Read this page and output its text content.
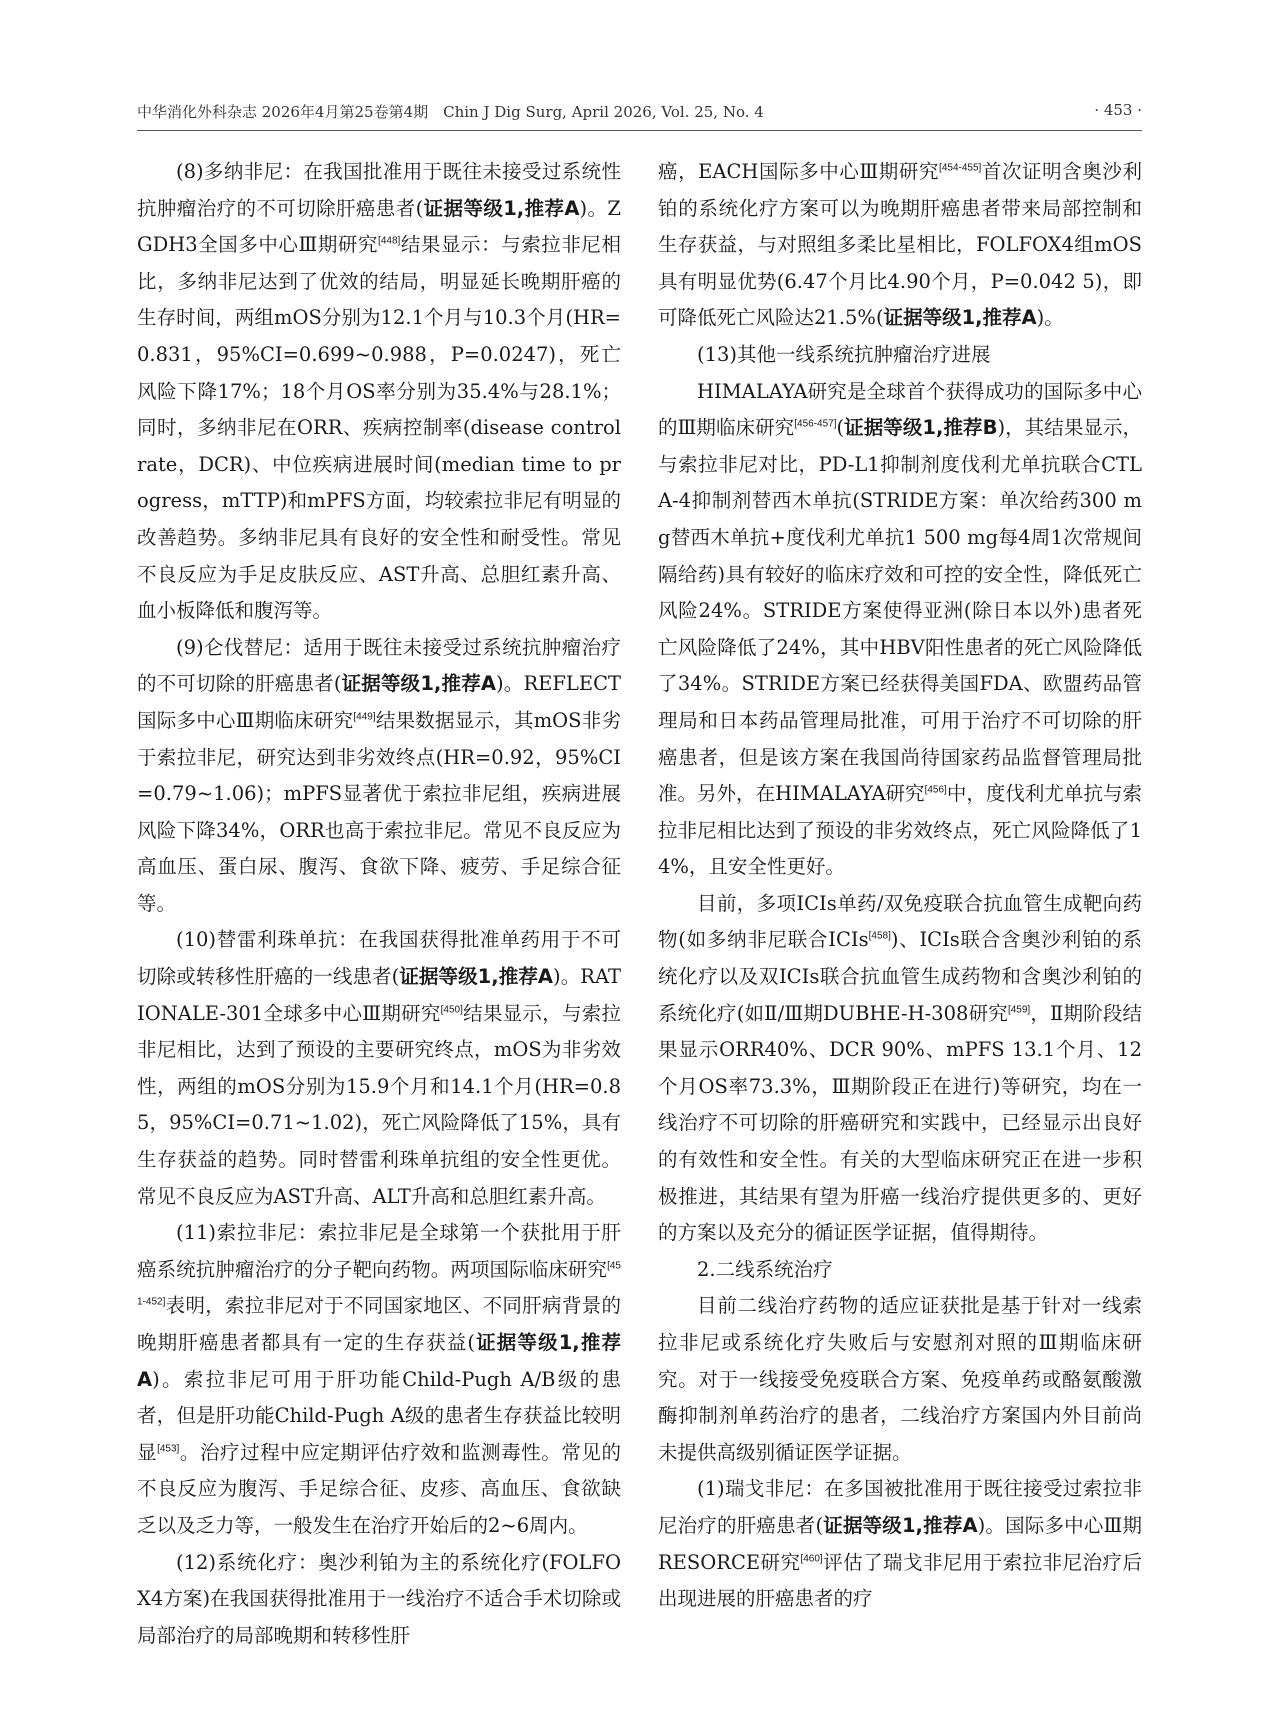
中华消化外科杂志 2026年4月第25卷第4期　Chin J Dig Surg, April 2026, Vol. 25, No. 4	· 453 ·
(8)多纳非尼：在我国批准用于既往未接受过系统性抗肿瘤治疗的不可切除肝癌患者(证据等级1,推荐A)。ZGDH3全国多中心Ⅲ期研究[448]结果显示：与索拉非尼相比，多纳非尼达到了优效的结局，明显延长晚期肝癌的生存时间，两组mOS分别为12.1个月与10.3个月(HR=0.831，95%CI=0.699~0.988，P=0.0247)，死亡风险下降17%；18个月OS率分别为35.4%与28.1%；同时，多纳非尼在ORR、疾病控制率(disease control rate，DCR)、中位疾病进展时间(median time to progress，mTTP)和mPFS方面，均较索拉非尼有明显的改善趋势。多纳非尼具有良好的安全性和耐受性。常见不良反应为手足皮肤反应、AST升高、总胆红素升高、血小板降低和腹泻等。
(9)仑伐替尼：适用于既往未接受过系统抗肿瘤治疗的不可切除的肝癌患者(证据等级1,推荐A)。REFLECT国际多中心Ⅲ期临床研究[449]结果数据显示，其mOS非劣于索拉非尼，研究达到非劣效终点(HR=0.92，95%CI=0.79~1.06)；mPFS显著优于索拉非尼组，疾病进展风险下降34%，ORR也高于索拉非尼。常见不良反应为高血压、蛋白尿、腹泻、食欲下降、疲劳、手足综合征等。
(10)替雷利珠单抗：在我国获得批准单药用于不可切除或转移性肝癌的一线患者(证据等级1,推荐A)。RATIONALE-301全球多中心Ⅲ期研究[450]结果显示，与索拉非尼相比，达到了预设的主要研究终点，mOS为非劣效性，两组的mOS分别为15.9个月和14.1个月(HR=0.85，95%CI=0.71~1.02)，死亡风险降低了15%，具有生存获益的趋势。同时替雷利珠单抗组的安全性更优。常见不良反应为AST升高、ALT升高和总胆红素升高。
(11)索拉非尼：索拉非尼是全球第一个获批用于肝癌系统抗肿瘤治疗的分子靶向药物。两项国际临床研究[451-452]表明，索拉非尼对于不同国家地区、不同肝病背景的晚期肝癌患者都具有一定的生存获益(证据等级1,推荐A)。索拉非尼可用于肝功能Child-Pugh A/B级的患者，但是肝功能Child-Pugh A级的患者生存获益比较明显[453]。治疗过程中应定期评估疗效和监测毒性。常见的不良反应为腹泻、手足综合征、皮疹、高血压、食欲缺乏以及乏力等，一般发生在治疗开始后的2~6周内。
(12)系统化疗：奥沙利铂为主的系统化疗(FOLFOX4方案)在我国获得批准用于一线治疗不适合手术切除或局部治疗的局部晚期和转移性肝
癌，EACH国际多中心Ⅲ期研究[454-455]首次证明含奥沙利铂的系统化疗方案可以为晚期肝癌患者带来局部控制和生存获益，与对照组多柔比星相比，FOLFOX4组mOS具有明显优势(6.47个月比4.90个月，P=0.042 5)，即可降低死亡风险达21.5%(证据等级1,推荐A)。
(13)其他一线系统抗肿瘤治疗进展
HIMALAYA研究是全球首个获得成功的国际多中心的Ⅲ期临床研究[456-457](证据等级1,推荐B)，其结果显示，与索拉非尼对比，PD-L1抑制剂度伐利尤单抗联合CTLA-4抑制剂替西木单抗(STRIDE方案：单次给药300 mg替西木单抗+度伐利尤单抗1 500 mg每4周1次常规间隔给药)具有较好的临床疗效和可控的安全性，降低死亡风险24%。STRIDE方案使得亚洲(除日本以外)患者死亡风险降低了24%，其中HBV阳性患者的死亡风险降低了34%。STRIDE方案已经获得美国FDA、欧盟药品管理局和日本药品管理局批准，可用于治疗不可切除的肝癌患者，但是该方案在我国尚待国家药品监督管理局批准。另外，在HIMALAYA研究[456]中，度伐利尤单抗与索拉非尼相比达到了预设的非劣效终点，死亡风险降低了14%，且安全性更好。
目前，多项ICIs单药/双免疫联合抗血管生成靶向药物(如多纳非尼联合ICIs[458])、ICIs联合含奥沙利铂的系统化疗以及双ICIs联合抗血管生成药物和含奥沙利铂的系统化疗(如Ⅱ/Ⅲ期DUBHE-H-308研究[459]，Ⅱ期阶段结果显示ORR40%、DCR 90%、mPFS 13.1个月、12个月OS率73.3%，Ⅲ期阶段正在进行)等研究，均在一线治疗不可切除的肝癌研究和实践中，已经显示出良好的有效性和安全性。有关的大型临床研究正在进一步积极推进，其结果有望为肝癌一线治疗提供更多的、更好的方案以及充分的循证医学证据，值得期待。
2.二线系统治疗
目前二线治疗药物的适应证获批是基于针对一线索拉非尼或系统化疗失败后与安慰剂对照的Ⅲ期临床研究。对于一线接受免疫联合方案、免疫单药或酪氨酸激酶抑制剂单药治疗的患者，二线治疗方案国内外目前尚未提供高级别循证医学证据。
(1)瑞戈非尼：在多国被批准用于既往接受过索拉非尼治疗的肝癌患者(证据等级1,推荐A)。国际多中心Ⅲ期RESORCE研究[460]评估了瑞戈非尼用于索拉非尼治疗后出现进展的肝癌患者的疗
